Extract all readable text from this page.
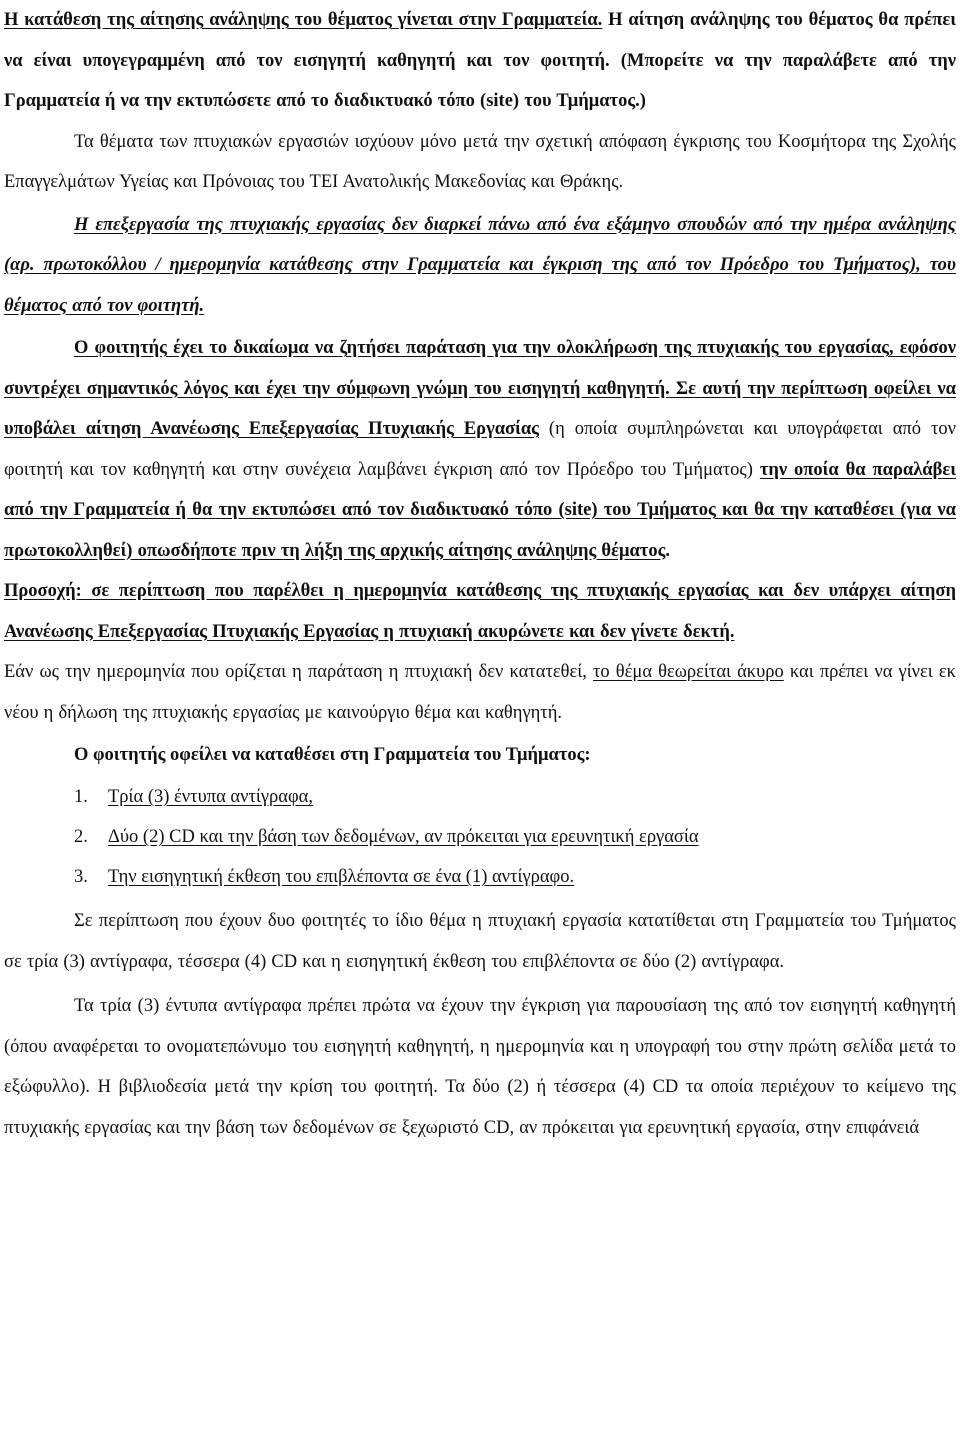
Η κατάθεση της αίτησης ανάληψης του θέματος γίνεται στην Γραμματεία. Η αίτηση ανάληψης του θέματος θα πρέπει να είναι υπογεγραμμένη από τον εισηγητή καθηγητή και τον φοιτητή. (Μπορείτε να την παραλάβετε από την Γραμματεία ή να την εκτυπώσετε από το διαδικτυακό τόπο (site) του Τμήματος.)

Τα θέματα των πτυχιακών εργασιών ισχύουν μόνο μετά την σχετική απόφαση έγκρισης του Κοσμήτορα της Σχολής Επαγγελμάτων Υγείας και Πρόνοιας του ΤΕΙ Ανατολικής Μακεδονίας και Θράκης.

Η επεξεργασία της πτυχιακής εργασίας δεν διαρκεί πάνω από ένα εξάμηνο σπουδών από την ημέρα ανάληψης (αρ. πρωτοκόλλου / ημερομηνία κατάθεσης στην Γραμματεία και έγκριση της από τον Πρόεδρο του Τμήματος), του θέματος από τον φοιτητή.

Ο φοιτητής έχει το δικαίωμα να ζητήσει παράταση για την ολοκλήρωση της πτυχιακής του εργασίας, εφόσον συντρέχει σημαντικός λόγος και έχει την σύμφωνη γνώμη του εισηγητή καθηγητή. Σε αυτή την περίπτωση οφείλει να υποβάλει αίτηση Ανανέωσης Επεξεργασίας Πτυχιακής Εργασίας (η οποία συμπληρώνεται και υπογράφεται από τον φοιτητή και τον καθηγητή και στην συνέχεια λαμβάνει έγκριση από τον Πρόεδρο του Τμήματος) την οποία θα παραλάβει από την Γραμματεία ή θα την εκτυπώσει από τον διαδικτυακό τόπο (site) του Τμήματος και θα την καταθέσει (για να πρωτοκολληθεί) οπωσδήποτε πριν τη λήξη της αρχικής αίτησης ανάληψης θέματος.

Προσοχή: σε περίπτωση που παρέλθει η ημερομηνία κατάθεσης της πτυχιακής εργασίας και δεν υπάρχει αίτηση Ανανέωσης Επεξεργασίας Πτυχιακής Εργασίας η πτυχιακή ακυρώνετε και δεν γίνετε δεκτή.

Εάν ως την ημερομηνία που ορίζεται η παράταση η πτυχιακή δεν κατατεθεί, το θέμα θεωρείται άκυρο και πρέπει να γίνει εκ νέου η δήλωση της πτυχιακής εργασίας με καινούργιο θέμα και καθηγητή.

Ο φοιτητής οφείλει να καταθέσει στη Γραμματεία του Τμήματος:

1. Τρία (3) έντυπα αντίγραφα,
2. Δύο (2) CD και την βάση των δεδομένων, αν πρόκειται για ερευνητική εργασία
3. Την εισηγητική έκθεση του επιβλέποντα σε ένα (1) αντίγραφο.

Σε περίπτωση που έχουν δυο φοιτητές το ίδιο θέμα η πτυχιακή εργασία κατατίθεται στη Γραμματεία του Τμήματος σε τρία (3) αντίγραφα, τέσσερα (4) CD και η εισηγητική έκθεση του επιβλέποντα σε δύο (2) αντίγραφα.

Τα τρία (3) έντυπα αντίγραφα πρέπει πρώτα να έχουν την έγκριση για παρουσίαση της από τον εισηγητή καθηγητή (όπου αναφέρεται το ονοματεπώνυμο του εισηγητή καθηγητή, η ημερομηνία και η υπογραφή του στην πρώτη σελίδα μετά το εξώφυλλο). Η βιβλιοδεσία μετά την κρίση του φοιτητή. Τα δύο (2) ή τέσσερα (4) CD τα οποία περιέχουν το κείμενο της πτυχιακής εργασίας και την βάση των δεδομένων σε ξεχωριστό CD, αν πρόκειται για ερευνητική εργασία, στην επιφάνειά
